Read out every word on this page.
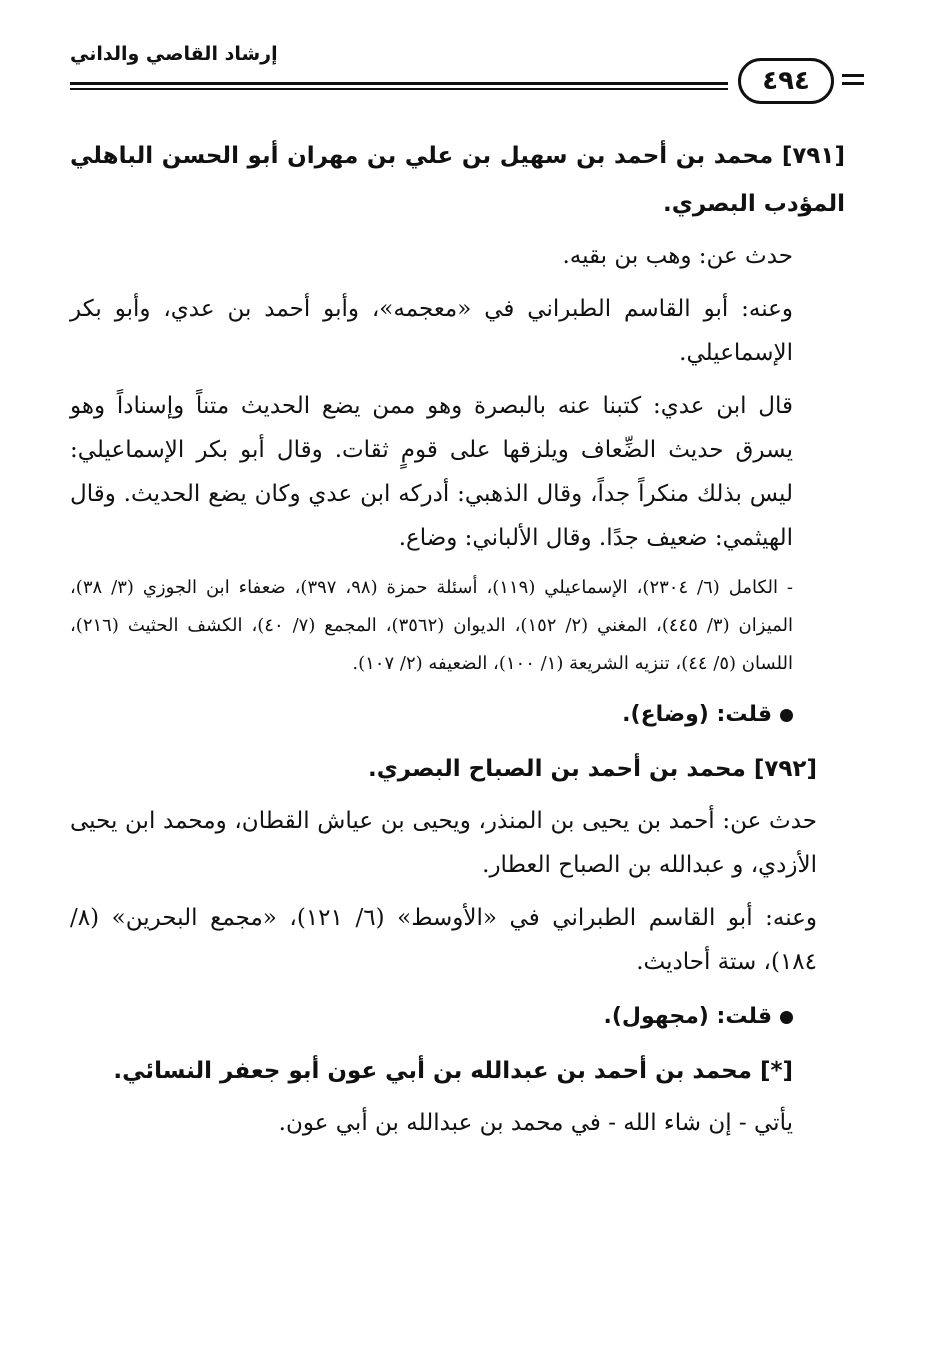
إرشاد القاصي والداني
٤٩٤
[٧٩١] محمد بن أحمد بن سهيل بن علي بن مهران أبو الحسن الباهلي المؤدب البصري.

حدث عن: وهب بن بقيه.

وعنه: أبو القاسم الطبراني في «معجمه»، وأبو أحمد بن عدي، وأبو بكر الإسماعيلي.

قال ابن عدي: كتبنا عنه بالبصرة وهو ممن يضع الحديث متناً وإسناداً وهو يسرق حديث الضِّعاف ويلزقها على قومٍ ثقات. وقال أبو بكر الإسماعيلي: ليس بذلك منكراً جداً، وقال الذهبي: أدركه ابن عدي وكان يضع الحديث. وقال الهيثمي: ضعيف جدًا. وقال الألباني: وضاع.

- الكامل (٦/ ٢٣٠٤)، الإسماعيلي (١١٩)، أسئلة حمزة (٩٨، ٣٩٧)، ضعفاء ابن الجوزي (٣/ ٣٨)، الميزان (٣/ ٤٤٥)، المغني (٢/ ١٥٢)، الديوان (٣٥٦٢)، المجمع (٧/ ٤٠)، الكشف الحثيث (٢١٦)، اللسان (٥/ ٤٤)، تنزيه الشريعة (١/ ١٠٠)، الضعيفه (٢/ ١٠٧).

قلت: (وضاع).
[٧٩٢] محمد بن أحمد بن الصباح البصري.

حدث عن: أحمد بن يحيى بن المنذر، ويحيى بن عياش القطان، ومحمد ابن يحيى الأزدي، و عبدالله بن الصباح العطار.

وعنه: أبو القاسم الطبراني في «الأوسط» (٦/ ١٢١)، «مجمع البحرين» (٨/ ١٨٤)، ستة أحاديث.

قلت: (مجهول).
[*] محمد بن أحمد بن عبدالله بن أبي عون أبو جعفر النسائي.

يأتي - إن شاء الله - في محمد بن عبدالله بن أبي عون.
